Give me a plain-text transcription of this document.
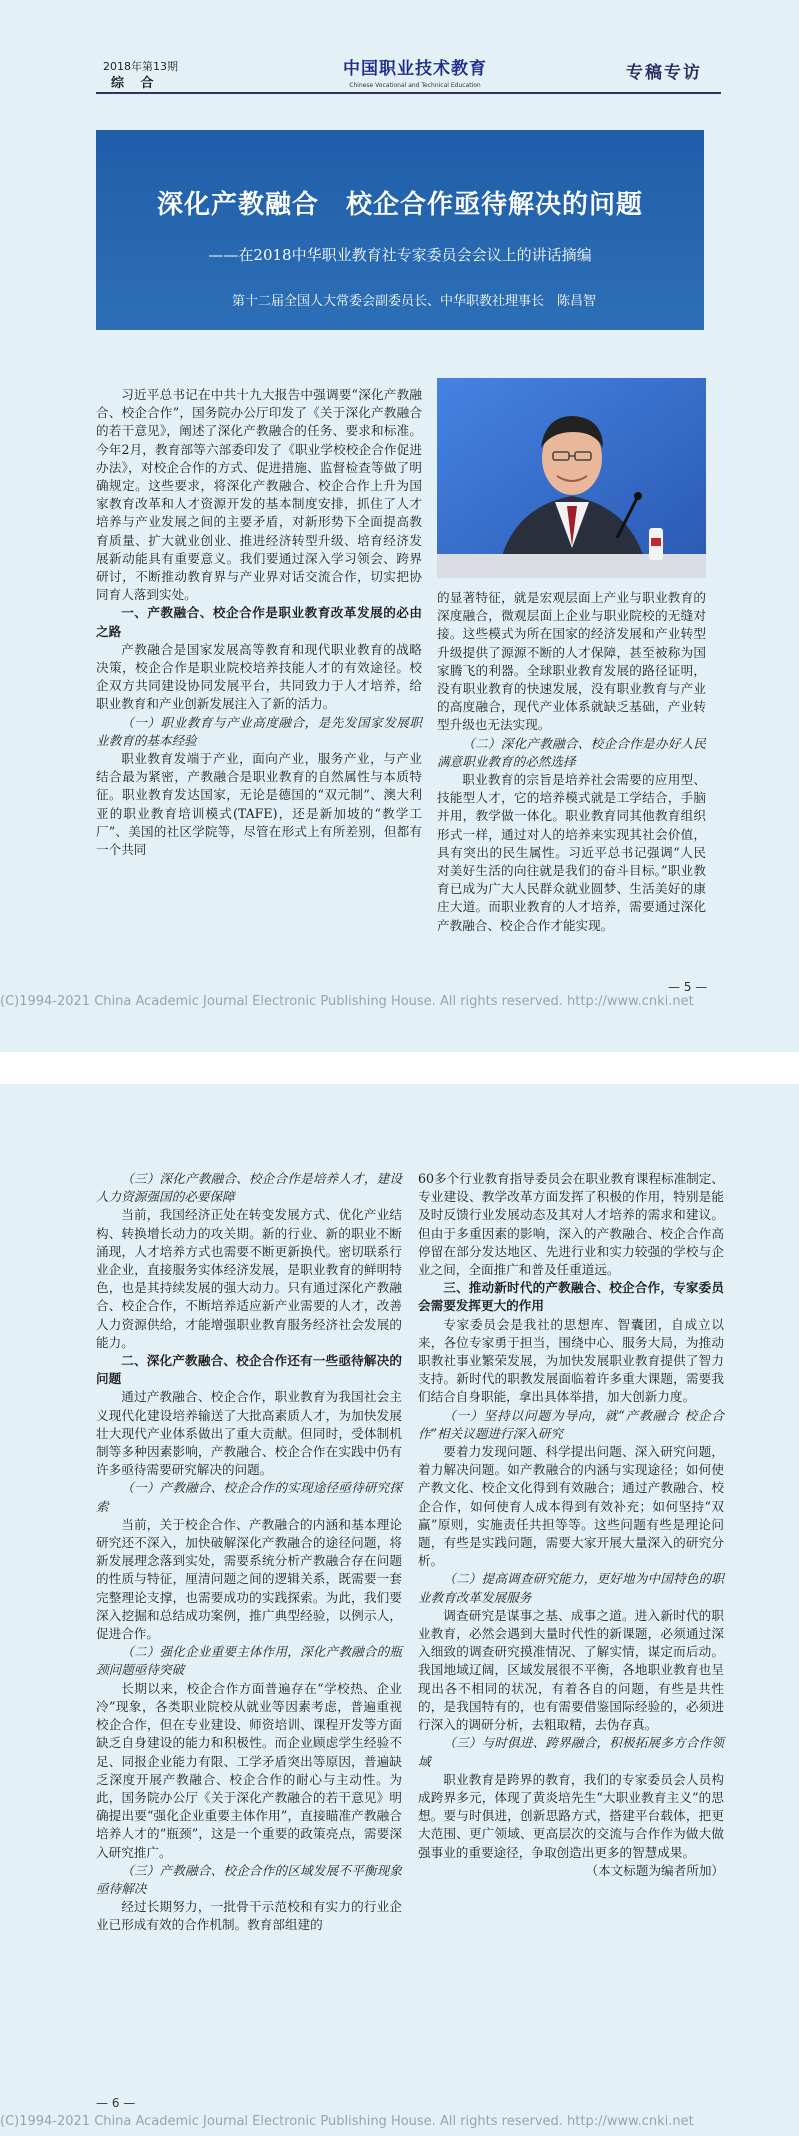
2018年第13期
综 合
中国职业技术教育
Chinese Vocational and Technical Education
专稿专访
深化产教融合　校企合作亟待解决的问题
——在2018中华职业教育社专家委员会会议上的讲话摘编
第十二届全国人大常委会副委员长、中华职教社理事长　陈昌智

习近平总书记在中共十九大报告中强调要“深化产教融合、校企合作”，国务院办公厅印发了《关于深化产教融合的若干意见》，阐述了深化产教融合的任务、要求和标准。今年2月，教育部等六部委印发了《职业学校校企合作促进办法》，对校企合作的方式、促进措施、监督检查等做了明确规定。这些要求，将深化产教融合、校企合作上升为国家教育改革和人才资源开发的基本制度安排，抓住了人才培养与产业发展之间的主要矛盾，对新形势下全面提高教育质量、扩大就业创业、推进经济转型升级、培育经济发展新动能具有重要意义。我们要通过深入学习领会、跨界研讨，不断推动教育界与产业界对话交流合作，切实把协同育人落到实处。

一、产教融合、校企合作是职业教育改革发展的必由之路

产教融合是国家发展高等教育和现代职业教育的战略决策，校企合作是职业院校培养技能人才的有效途径。校企双方共同建设协同发展平台，共同致力于人才培养，给职业教育和产业创新发展注入了新的活力。

（一）职业教育与产业高度融合，是先发国家发展职业教育的基本经验

职业教育发端于产业，面向产业，服务产业，与产业结合最为紧密，产教融合是职业教育的自然属性与本质特征。职业教育发达国家，无论是德国的“双元制”、澳大利亚的职业教育培训模式(TAFE)，还是新加坡的“教学工厂”、美国的社区学院等，尽管在形式上有所差别，但都有一个共同

的显著特征，就是宏观层面上产业与职业教育的深度融合，微观层面上企业与职业院校的无缝对接。这些模式为所在国家的经济发展和产业转型升级提供了源源不断的人才保障，甚至被称为国家腾飞的利器。全球职业教育发展的路径证明，没有职业教育的快速发展，没有职业教育与产业的高度融合，现代产业体系就缺乏基础，产业转型升级也无法实现。

（二）深化产教融合、校企合作是办好人民满意职业教育的必然选择

职业教育的宗旨是培养社会需要的应用型、技能型人才，它的培养模式就是工学结合，手脑并用，教学做一体化。职业教育同其他教育组织形式一样，通过对人的培养来实现其社会价值，具有突出的民生属性。习近平总书记强调“人民对美好生活的向往就是我们的奋斗目标。”职业教育已成为广大人民群众就业圆梦、生活美好的康庄大道。而职业教育的人才培养，需要通过深化产教融合、校企合作才能实现。

— 5 —
(C)1994-2021 China Academic Journal Electronic Publishing House. All rights reserved. http://www.cnki.net

（三）深化产教融合、校企合作是培养人才，建设人力资源强国的必要保障

当前，我国经济正处在转变发展方式、优化产业结构、转换增长动力的攻关期。新的行业、新的职业不断涌现，人才培养方式也需要不断更新换代。密切联系行业企业，直接服务实体经济发展，是职业教育的鲜明特色，也是其持续发展的强大动力。只有通过深化产教融合、校企合作，不断培养适应新产业需要的人才，改善人力资源供给，才能增强职业教育服务经济社会发展的能力。

二、深化产教融合、校企合作还有一些亟待解决的问题

通过产教融合、校企合作，职业教育为我国社会主义现代化建设培养输送了大批高素质人才，为加快发展壮大现代产业体系做出了重大贡献。但同时，受体制机制等多种因素影响，产教融合、校企合作在实践中仍有许多亟待需要研究解决的问题。

（一）产教融合、校企合作的实现途径亟待研究探索

当前，关于校企合作、产教融合的内涵和基本理论研究还不深入，加快破解深化产教融合的途径问题，将新发展理念落到实处，需要系统分析产教融合存在问题的性质与特征，厘清问题之间的逻辑关系，既需要一套完整理论支撑，也需要成功的实践探索。为此，我们要深入挖掘和总结成功案例，推广典型经验，以例示人，促进合作。

（二）强化企业重要主体作用，深化产教融合的瓶颈问题亟待突破

长期以来，校企合作方面普遍存在“学校热、企业冷”现象，各类职业院校从就业等因素考虑，普遍重视校企合作，但在专业建设、师资培训、课程开发等方面缺乏自身建设的能力和积极性。而企业顾虑学生经验不足、同报企业能力有限、工学矛盾突出等原因，普遍缺乏深度开展产教融合、校企合作的耐心与主动性。为此，国务院办公厅《关于深化产教融合的若干意见》明确提出要“强化企业重要主体作用”，直接瞄准产教融合培养人才的“瓶颈”，这是一个重要的政策亮点，需要深入研究推广。

（三）产教融合、校企合作的区域发展不平衡现象亟待解决

经过长期努力，一批骨干示范校和有实力的行业企业已形成有效的合作机制。教育部组建的

60多个行业教育指导委员会在职业教育课程标准制定、专业建设、教学改革方面发挥了积极的作用，特别是能及时反馈行业发展动态及其对人才培养的需求和建议。但由于多重因素的影响，深入的产教融合、校企合作高停留在部分发达地区、先进行业和实力较强的学校与企业之间，全面推广和普及任重道远。

三、推动新时代的产教融合、校企合作，专家委员会需要发挥更大的作用

专家委员会是我社的思想库、智囊团，自成立以来，各位专家勇于担当，围绕中心、服务大局，为推动职教社事业繁荣发展，为加快发展职业教育提供了智力支持。新时代的职教发展面临着许多重大课题，需要我们结合自身职能，拿出具体举措，加大创新力度。

（一）坚持以问题为导向，就“产教融合 校企合作”相关议题进行深入研究

要着力发现问题、科学提出问题、深入研究问题，着力解决问题。如产教融合的内涵与实现途径；如何使产教文化、校企文化得到有效融合；通过产教融合、校企合作，如何使育人成本得到有效补充；如何坚持“双赢”原则，实施责任共担等等。这些问题有些是理论问题，有些是实践问题，需要大家开展大量深入的研究分析。

（二）提高调查研究能力，更好地为中国特色的职业教育改革发展服务

调查研究是谋事之基、成事之道。进入新时代的职业教育，必然会遇到大量时代性的新课题，必须通过深入细致的调查研究摸准情况、了解实情，谋定而后动。我国地域辽阔，区域发展很不平衡，各地职业教育也呈现出各不相同的状况，有着各自的问题，有些是共性的，是我国特有的，也有需要借鉴国际经验的，必须进行深入的调研分析，去粗取精，去伪存真。

（三）与时俱进、跨界融合，积极拓展多方合作领域

职业教育是跨界的教育，我们的专家委员会人员构成跨界多元，体现了黄炎培先生“大职业教育主义”的思想。要与时俱进，创新思路方式，搭建平台载体，把更大范围、更广领域、更高层次的交流与合作作为做大做强事业的重要途径，争取创造出更多的智慧成果。

（本文标题为编者所加）

— 6 —
(C)1994-2021 China Academic Journal Electronic Publishing House. All rights reserved. http://www.cnki.net
